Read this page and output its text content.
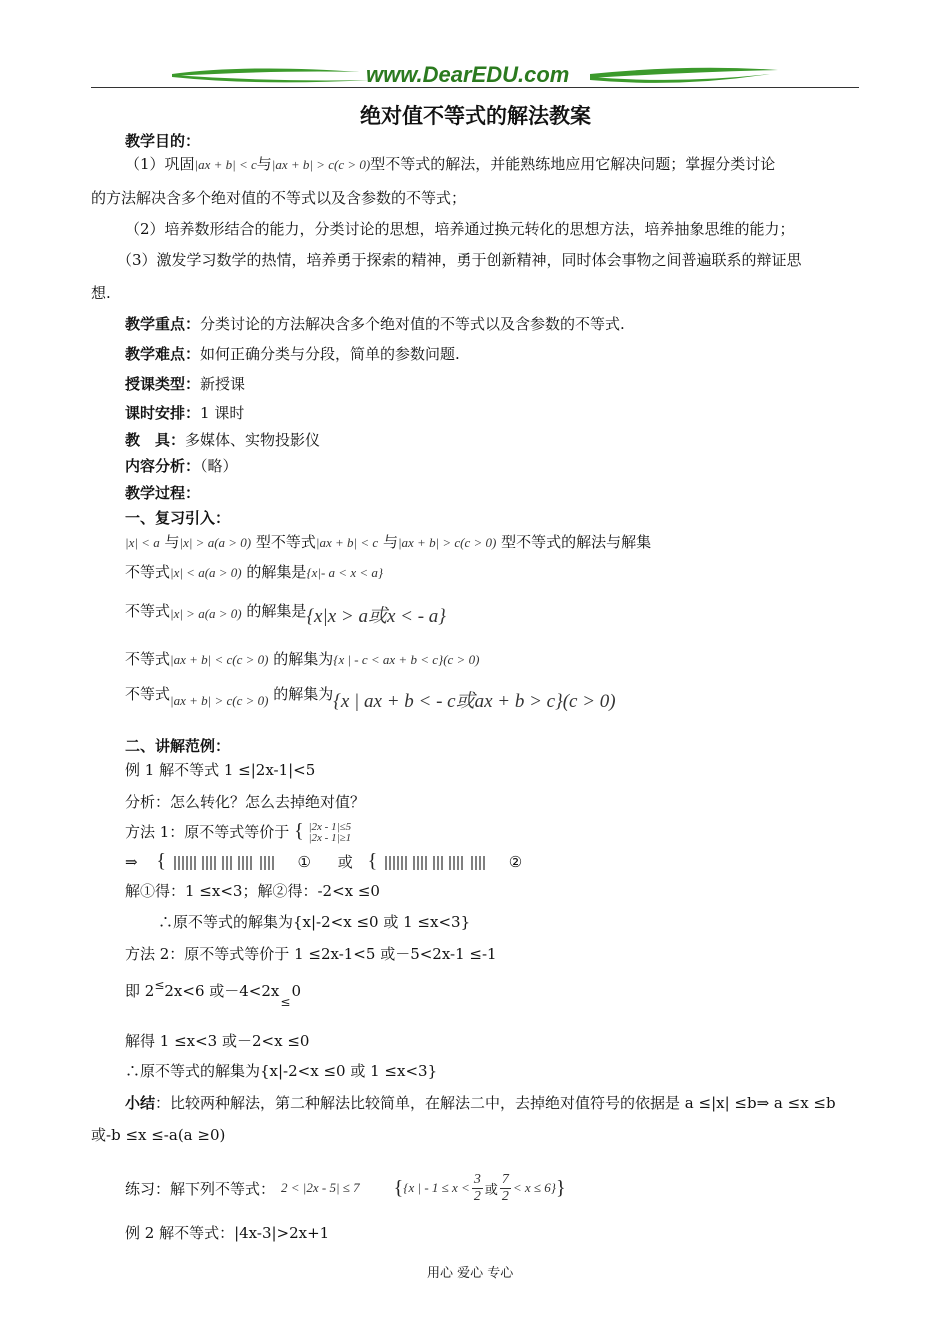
www.DearEDU.com
绝对值不等式的解法教案
教学目的：
（1）巩固|ax + b| < c与|ax + b| > c(c > 0)型不等式的解法，并能熟练地应用它解决问题；掌握分类讨论
的方法解决含多个绝对值的不等式以及含参数的不等式；
（2）培养数形结合的能力，分类讨论的思想，培养通过换元转化的思想方法，培养抽象思维的能力；
（3）激发学习数学的热情，培养勇于探索的精神，勇于创新精神，同时体会事物之间普遍联系的辩证思
想.
教学重点：分类讨论的方法解决含多个绝对值的不等式以及含参数的不等式.
教学难点：如何正确分类与分段，简单的参数问题.
授课类型：新授课
课时安排：1 课时
教　具：多媒体、实物投影仪
内容分析：（略）
教学过程：
一、复习引入：
|x| < a 与|x| > a(a > 0) 型不等式|ax + b| < c 与|ax + b| > c(c > 0) 型不等式的解法与解集
不等式|x| < a(a > 0) 的解集是{x|- a < x < a}
不等式|x| > a(a > 0) 的解集是{x|x > a或x < - a}
不等式|ax + b| < c(c > 0) 的解集为{x | - c < ax + b < c}(c > 0)
不等式|ax + b| > c(c > 0) 的解集为{x | ax + b < - c或ax + b > c}(c > 0)
二、讲解范例：
例 1 解不等式 1 ≤|2x-1|<5
分析：怎么转化？怎么去掉绝对值？
方法 1：原不等式等价于 { |2x - 1|≤5
|2x - 1|≥1
⇒ {	① 或 {	②
解①得：1 ≤x<3；解②得：-2<x ≤0
∴原不等式的解集为{x|-2<x ≤0 或 1 ≤x<3}
方法 2：原不等式等价于 1 ≤2x-1<5 或－5<2x-1 ≤-1
即 2≤2x<6 或$-4<2x_\le 0$
解得 1 ≤x<3 或－2<x ≤0
∴原不等式的解集为{x|-2<x ≤0 或 1 ≤x<3}
小结：比较两种解法，第二种解法比较简单，在解法二中，去掉绝对值符号的依据是 a ≤|x| ≤b⇒ a ≤x ≤b
或-b ≤x ≤-a(a ≥0)
练习：解下列不等式： 2 < |2x - 5| ≤ 7 { {x | - $1 \le x < \frac{3}{2}$ 或 $\frac{7}{2} < x \le 6$} }
例 2 解不等式：|4x-3|>2x+1
用心 爱心 专心
